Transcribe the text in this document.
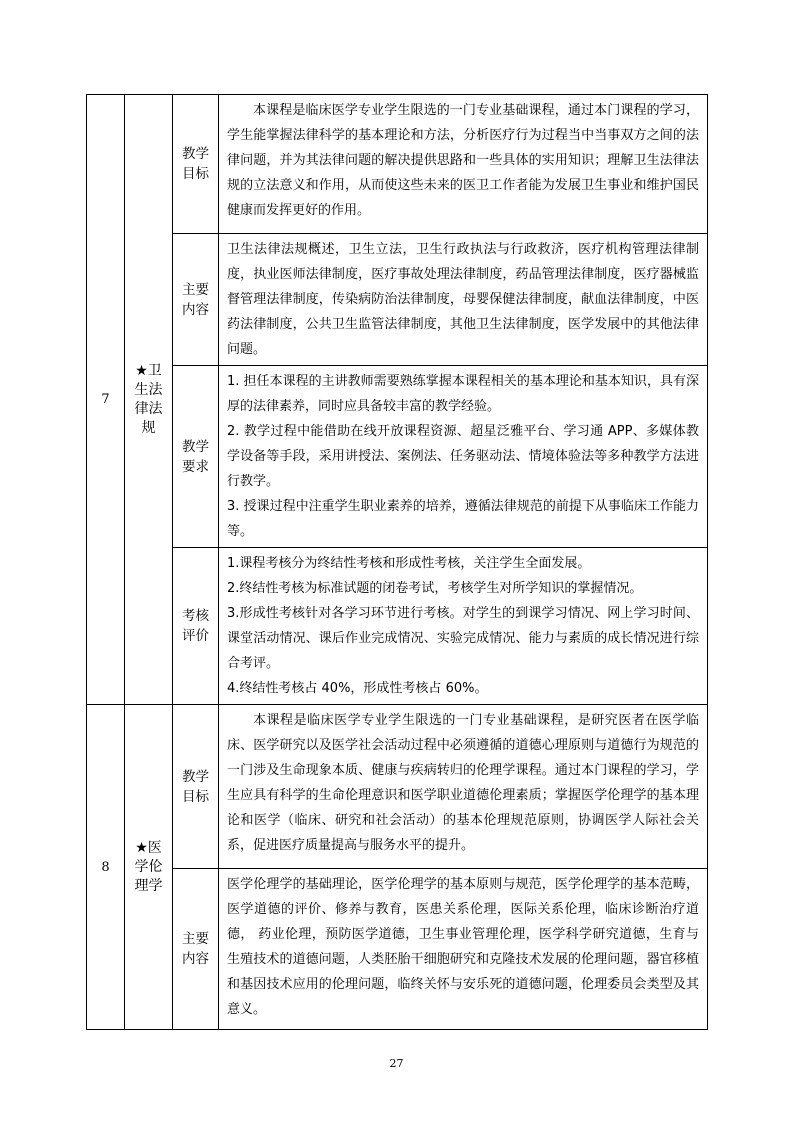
7	★卫生法律法规	教学目标	本课程是临床医学专业学生限选的一门专业基础课程，通过本门课程的学习，学生能掌握法律科学的基本理论和方法，分析医疗行为过程当中当事双方之间的法律问题，并为其法律问题的解决提供思路和一些具体的实用知识；理解卫生法律法规的立法意义和作用，从而使这些未来的医卫工作者能为发展卫生事业和维护国民健康而发挥更好的作用。

		主要内容	卫生法律法规概述，卫生立法，卫生行政执法与行政救济，医疗机构管理法律制度，执业医师法律制度，医疗事故处理法律制度，药品管理法律制度，医疗器械监督管理法律制度，传染病防治法律制度，母婴保健法律制度，献血法律制度，中医药法律制度，公共卫生监管法律制度，其他卫生法律制度，医学发展中的其他法律问题。

		教学要求	1. 担任本课程的主讲教师需要熟练掌握本课程相关的基本理论和基本知识，具有深厚的法律素养，同时应具备较丰富的教学经验。

2. 教学过程中能借助在线开放课程资源、超星泛雅平台、学习通 APP、多媒体教学设备等手段，采用讲授法、案例法、任务驱动法、情境体验法等多种教学方法进行教学。

3. 授课过程中注重学生职业素养的培养，遵循法律规范的前提下从事临床工作能力等。

		考核评价	1.课程考核分为终结性考核和形成性考核，关注学生全面发展。

2.终结性考核为标准试题的闭卷考试，考核学生对所学知识的掌握情况。

3.形成性考核针对各学习环节进行考核。对学生的到课学习情况、网上学习时间、课堂活动情况、课后作业完成情况、实验完成情况、能力与素质的成长情况进行综合考评。

4.终结性考核占 40%，形成性考核占 60%。

8	★医学伦理学	教学目标	本课程是临床医学专业学生限选的一门专业基础课程，是研究医者在医学临床、医学研究以及医学社会活动过程中必须遵循的道德心理原则与道德行为规范的一门涉及生命现象本质、健康与疾病转归的伦理学课程。通过本门课程的学习，学生应具有科学的生命伦理意识和医学职业道德伦理素质；掌握医学伦理学的基本理论和医学（临床、研究和社会活动）的基本伦理规范原则，协调医学人际社会关系，促进医疗质量提高与服务水平的提升。

		主要内容	医学伦理学的基础理论，医学伦理学的基本原则与规范，医学伦理学的基本范畴，医学道德的评价、修养与教育，医患关系伦理，医际关系伦理，临床诊断治疗道德， 药业伦理，预防医学道德，卫生事业管理伦理，医学科学研究道德，生育与生殖技术的道德问题，人类胚胎干细胞研究和克隆技术发展的伦理问题，器官移植和基因技术应用的伦理问题，临终关怀与安乐死的道德问题，伦理委员会类型及其意义。

27
